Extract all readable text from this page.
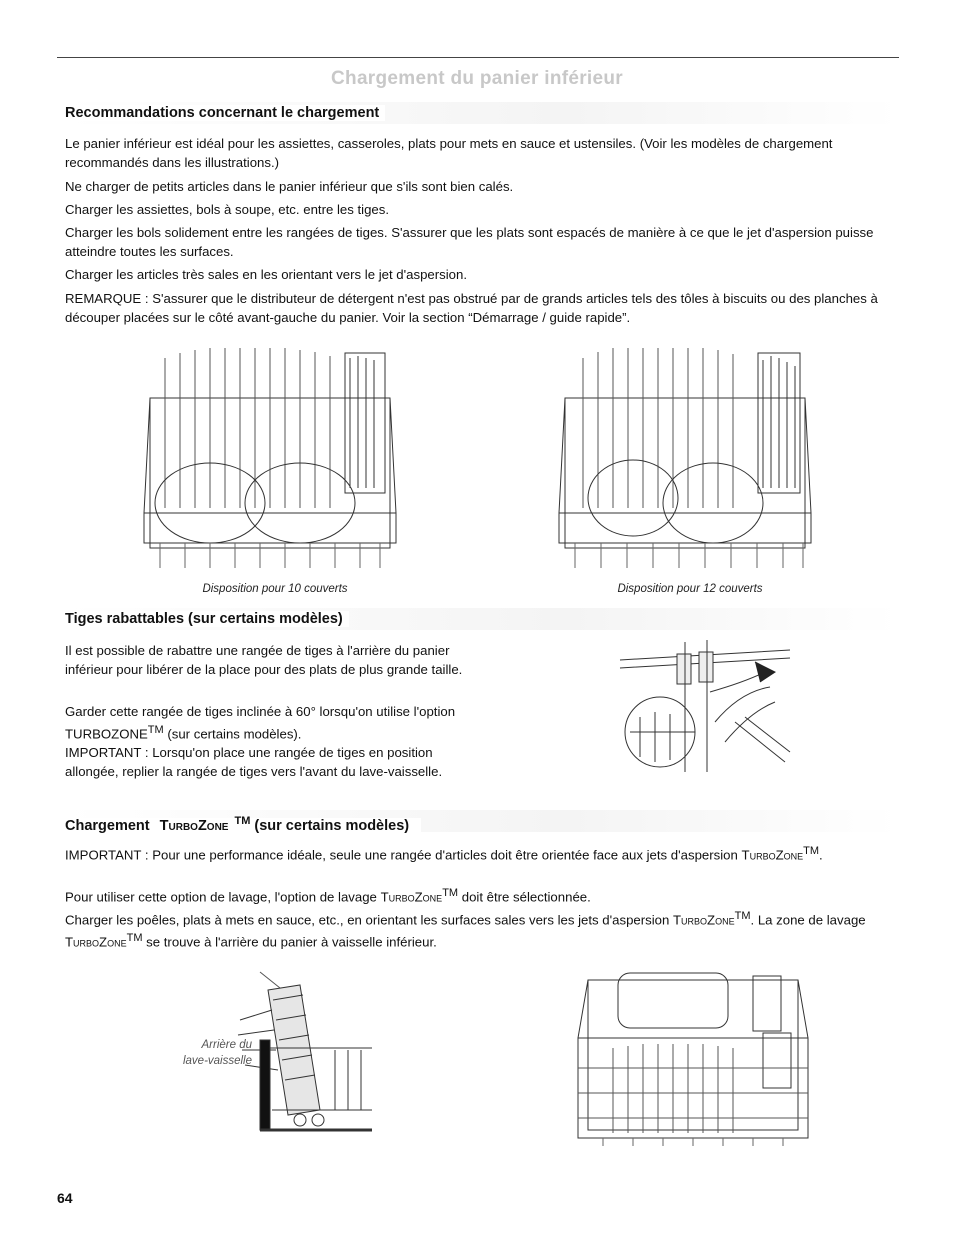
Chargement du panier inférieur
Recommandations concernant le chargement

Le panier inférieur est idéal pour les assiettes, casseroles, plats pour mets en sauce et ustensiles. (Voir les modèles de chargement recommandés dans les illustrations.)

Ne charger de petits articles dans le panier inférieur que s'ils sont bien calés.

Charger les assiettes, bols à soupe, etc. entre les tiges.

Charger les bols solidement entre les rangées de tiges. S'assurer que les plats sont espacés de manière à ce que le jet d'aspersion puisse atteindre toutes les surfaces.

Charger les articles très sales en les orientant vers le jet d'aspersion.

REMARQUE : S'assurer que le distributeur de détergent n'est pas obstrué par de grands articles tels des tôles à biscuits ou des planches à découper placées sur le côté avant-gauche du panier. Voir la section “Démarrage / guide rapide”.

Disposition pour 10 couverts	Disposition pour 12 couverts
Tiges rabattables (sur certains modèles)

Il est possible de rabattre une rangée de tiges à l'arrière du panier inférieur pour libérer de la place pour des plats de plus grande taille.

Garder cette rangée de tiges inclinée à 60° lorsqu'on utilise l'option TURBOZONE™ (sur certains modèles).

IMPORTANT : Lorsqu'on place une rangée de tiges en position allongée, replier la rangée de tiges vers l'avant du lave-vaisselle.

Chargement TurboZone ™ (sur certains modèles)

IMPORTANT : Pour une performance idéale, seule une rangée d'articles doit être orientée face aux jets d'aspersion TurboZone™.

Pour utiliser cette option de lavage, l'option de lavage TurboZone™ doit être sélectionnée.

Charger les poêles, plats à mets en sauce, etc., en orientant les surfaces sales vers les jets d'aspersion TurboZone™. La zone de lavage TurboZone™ se trouve à l'arrière du panier à vaisselle inférieur.

Arrière du
lave-vaisselle
64
